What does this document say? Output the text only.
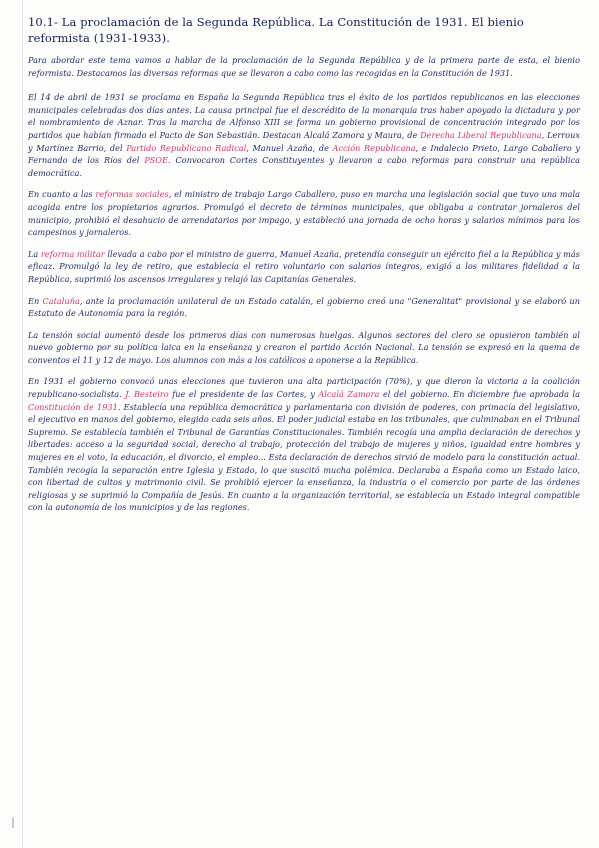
10.1- La proclamación de la Segunda República. La Constitución de 1931. El bienio reformista (1931-1933).
Para abordar este tema vamos a hablar de la proclamación de la Segunda República y de la primera parte de esta, el bienio reformista. Destacamos las diversas reformas que se llevaron a cabo como las recogidas en la Constitución de 1931.
El 14 de abril de 1931 se proclama en España la Segunda República tras el éxito de los partidos republicanos en las elecciones municipales celebradas dos días antes. La causa principal fue el descrédito de la monarquía tras haber apoyado la dictadura y por el nombramiento de Aznar. Tras la marcha de Alfonso XIII se forma un gobierno provisional de concentración integrado por los partidos que habían firmado el Pacto de San Sebastián. Destacan Alcalá Zamora y Maura, de Derecha Liberal Republicana, Lerroux y Martínez Barrio, del Partido Republicano Radical, Manuel Azaña, de Acción Republicana, e Indalecio Prieto, Largo Caballero y Fernando de los Ríos del PSOE. Convocaron Cortes Constituyentes y llevaron a cabo reformas para construir una república democrática.
En cuanto a las reformas sociales, el ministro de trabajo Largo Caballero, puso en marcha una legislación social que tuvo una mala acogida entre los propietarios agrarios. Promulgó el decreto de términos municipales, que obligaba a contratar jornaleros del municipio, prohibió el desahucio de arrendatarios por impago, y estableció una jornada de ocho horas y salarios mínimos para los campesinos y jornaleros.
La reforma militar llevada a cabo por el ministro de guerra, Manuel Azaña, pretendía conseguir un ejército fiel a la República y más eficaz. Promulgó la ley de retiro, que establecía el retiro voluntario con salarios íntegros, exigió a los militares fidelidad a la República, suprimió los ascensos irregulares y relajó las Capitanías Generales.
En Cataluña, ante la proclamación unilateral de un Estado catalán, el gobierno creó una "Generalitat" provisional y se elaboró un Estatuto de Autonomía para la región.
La tensión social aumentó desde los primeros días con numerosas huelgas. Algunos sectores del clero se opusieron también al nuevo gobierno por su política laica en la enseñanza y crearon el partido Acción Nacional. La tensión se expresó en la quema de conventos el 11 y 12 de mayo. Los alumnos con más a los católicos a oponerse a la República.
En 1931 el gobierno convocó unas elecciones que tuvieron una alta participación (70%), y que dieron la victoria a la coalición republicano-socialista. J. Besteiro fue el presidente de las Cortes, y Alcalá Zamora el del gobierno. En diciembre fue aprobada la Constitución de 1931. Establecía una república democrática y parlamentaria con división de poderes, con primacía del legislativo, el ejecutivo en manos del gobierno, elegido cada seis años. El poder judicial estaba en los tribunales, que culminaban en el Tribunal Supremo. Se establecía también el Tribunal de Garantías Constitucionales. También recogía una amplia declaración de derechos y libertades: acceso a la seguridad social, derecho al trabajo, protección del trabajo de mujeres y niños, igualdad entre hombres y mujeres en el voto, la educación, el divorcio, el empleo... Esta declaración de derechos sirvió de modelo para la constitución actual. También recogía la separación entre Iglesia y Estado, lo que suscitó mucha polémica. Declaraba a España como un Estado laico, con libertad de cultos y matrimonio civil. Se prohibió ejercer la enseñanza, la industria o el comercio por parte de las órdenes religiosas y se suprimió la Compañía de Jesús. En cuanto a la organización territorial, se establecía un Estado integral compatible con la autonomía de los municipios y de las regiones.
